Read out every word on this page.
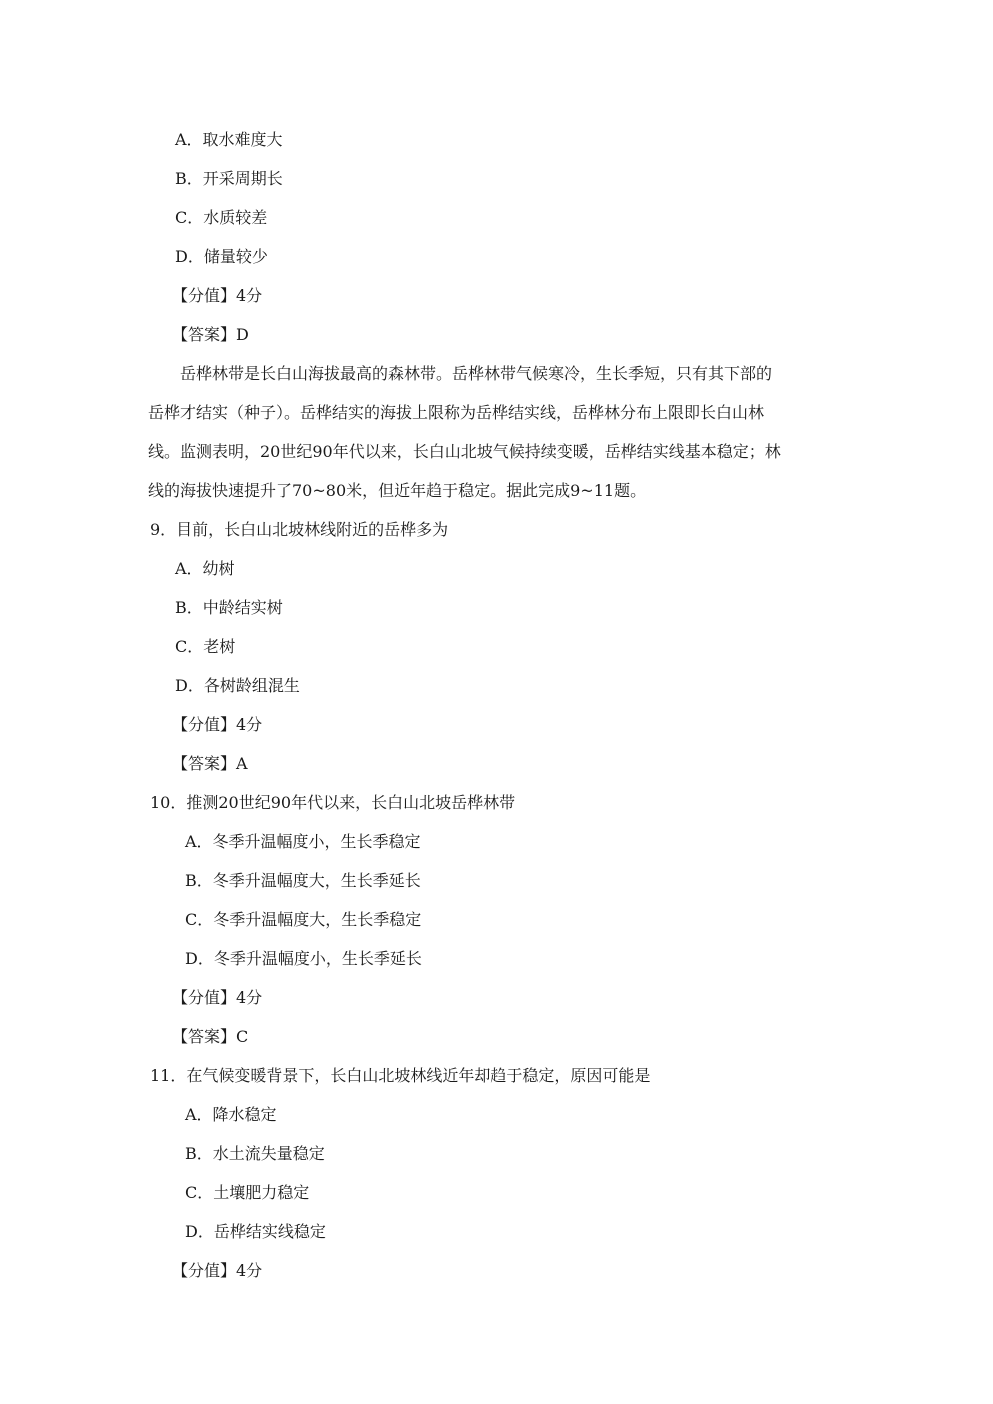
A．取水难度大
B．开采周期长
C．水质较差
D．储量较少
【分值】4分
【答案】D
　　岳桦林带是长白山海拔最高的森林带。岳桦林带气候寒冷，生长季短，只有其下部的
岳桦才结实（种子）。岳桦结实的海拔上限称为岳桦结实线，岳桦林分布上限即长白山林
线。监测表明，20世纪90年代以来，长白山北坡气候持续变暖，岳桦结实线基本稳定；林
线的海拔快速提升了70~80米，但近年趋于稳定。据此完成9~11题。
9．目前，长白山北坡林线附近的岳桦多为
A．幼树
B．中龄结实树
C．老树
D．各树龄组混生
【分值】4分
【答案】A
10．推测20世纪90年代以来，长白山北坡岳桦林带
A．冬季升温幅度小，生长季稳定
B．冬季升温幅度大，生长季延长
C．冬季升温幅度大，生长季稳定
D．冬季升温幅度小，生长季延长
【分值】4分
【答案】C
11．在气候变暖背景下，长白山北坡林线近年却趋于稳定，原因可能是
A．降水稳定
B．水土流失量稳定
C．土壤肥力稳定
D．岳桦结实线稳定
【分值】4分
